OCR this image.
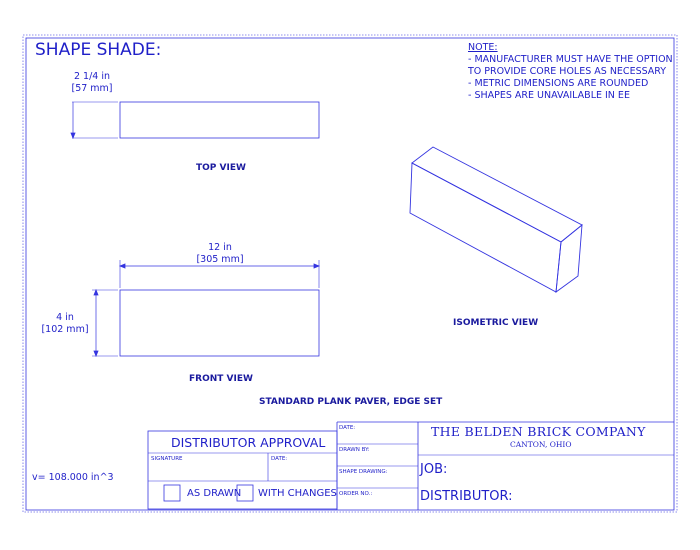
SHAPE SHADE:	NOTE:
- MANUFACTURER MUST HAVE THE OPTION
TO PROVIDE CORE HOLES AS NECESSARY
- METRIC DIMENSIONS ARE ROUNDED
- SHAPES ARE UNAVAILABLE IN EE
2 1/4 in
[57 mm]
TOP VIEW
12 in
[305 mm]
4 in
[102 mm]
ISOMETRIC VIEW
FRONT VIEW
STANDARD PLANK PAVER, EDGE SET
v= 108.000 in^3
DISTRIBUTOR APPROVAL
SIGNATURE	DATE:
AS DRAWN WITH CHANGES
DATE:
DRAWN BY:
SHAPE DRAWING:
ORDER NO.:
THE BELDEN BRICK COMPANY
CANTON, OHIO
JOB:
DISTRIBUTOR:
